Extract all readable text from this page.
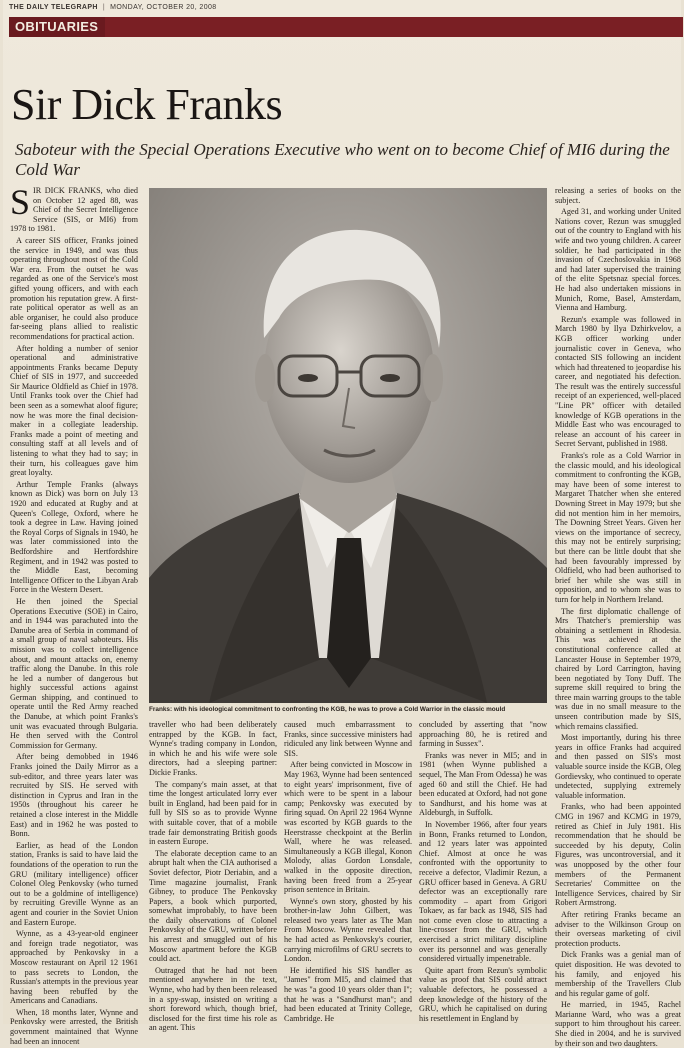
THE DAILY TELEGRAPH | MONDAY, OCTOBER 20, 2008
OBITUARIES
Sir Dick Franks
Saboteur with the Special Operations Executive who went on to become Chief of MI6 during the Cold War

SIR DICK FRANKS, who died on October 12 aged 88, was Chief of the Secret Intelligence Service (SIS, or MI6) from 1978 to 1981.

A career SIS officer, Franks joined the service in 1949, and was thus operating throughout most of the Cold War era. From the outset he was regarded as one of the Service's most gifted young officers, and with each promotion his reputation grew. A first-rate political operator as well as an able organiser, he could also produce far-seeing plans allied to realistic recommendations for practical action.

After holding a number of senior operational and administrative appointments Franks became Deputy Chief of SIS in 1977, and succeeded Sir Maurice Oldfield as Chief in 1978. Until Franks took over the Chief had been seen as a somewhat aloof figure; now he was more the final decision-maker in a collegiate leadership. Franks made a point of meeting and consulting staff at all levels and of listening to what they had to say; in their turn, his colleagues gave him great loyalty.

Arthur Temple Franks (always known as Dick) was born on July 13 1920 and educated at Rugby and at Queen's College, Oxford, where he took a degree in Law. Having joined the Royal Corps of Signals in 1940, he was later commissioned into the Bedfordshire and Hertfordshire Regiment, and in 1942 was posted to the Middle East, becoming Intelligence Officer to the Libyan Arab Force in the Western Desert.

He then joined the Special Operations Executive (SOE) in Cairo, and in 1944 was parachuted into the Danube area of Serbia in command of a small group of naval saboteurs. His mission was to collect intelligence about, and mount attacks on, enemy traffic along the Danube. In this role he led a number of dangerous but highly successful actions against German shipping, and continued to operate until the Red Army reached the Danube, at which point Franks's unit was evacuated through Bulgaria. He then served with the Control Commission for Germany.

After being demobbed in 1946 Franks joined the Daily Mirror as a sub-editor, and three years later was recruited by SIS. He served with distinction in Cyprus and Iran in the 1950s (throughout his career he retained a close interest in the Middle East) and in 1962 he was posted to Bonn.

Earlier, as head of the London station, Franks is said to have laid the foundations of the operation to run the GRU (military intelligence) officer Colonel Oleg Penkovsky (who turned out to be a goldmine of intelligence) by recruiting Greville Wynne as an agent and courier in the Soviet Union and Eastern Europe.

Wynne, as a 43-year-old engineer and foreign trade negotiator, was approached by Penkovsky in a Moscow restaurant on April 12 1961 to pass secrets to London, the Russian's attempts in the previous year having been rebuffed by the Americans and Canadians.

When, 18 months later, Wynne and Penkovsky were arrested, the British government maintained that Wynne had been an innocent

Franks: with his ideological commitment to confronting the KGB, he was to prove a Cold Warrior in the classic mould

traveller who had been deliberately entrapped by the KGB. In fact, Wynne's trading company in London, in which he and his wife were sole directors, had a sleeping partner: Dickie Franks.

The company's main asset, at that time the longest articulated lorry ever built in England, had been paid for in full by SIS so as to provide Wynne with suitable cover, that of a mobile trade fair demonstrating British goods in eastern Europe.

The elaborate deception came to an abrupt halt when the CIA authorised a Soviet defector, Piotr Deriabin, and a Time magazine journalist, Frank Gibney, to produce The Penkovsky Papers, a book which purported, somewhat improbably, to have been the daily observations of Colonel Penkovsky of the GRU, written before his arrest and smuggled out of his Moscow apartment before the KGB could act.

Outraged that he had not been mentioned anywhere in the text, Wynne, who had by then been released in a spy-swap, insisted on writing a short foreword which, though brief, disclosed for the first time his role as an agent. This

caused much embarrassment to Franks, since successive ministers had ridiculed any link between Wynne and SIS.

After being convicted in Moscow in May 1963, Wynne had been sentenced to eight years' imprisonment, five of which were to be spent in a labour camp; Penkovsky was executed by firing squad. On April 22 1964 Wynne was escorted by KGB guards to the Heerstrasse checkpoint at the Berlin Wall, where he was released. Simultaneously a KGB illegal, Konon Molody, alias Gordon Lonsdale, walked in the opposite direction, having been freed from a 25-year prison sentence in Britain.

Wynne's own story, ghosted by his brother-in-law John Gilbert, was released two years later as The Man From Moscow. Wynne revealed that he had acted as Penkovsky's courier, carrying microfilms of GRU secrets to London.

He identified his SIS handler as "James" from MI5, and claimed that he was "a good 10 years older than I"; that he was a "Sandhurst man"; and had been educated at Trinity College, Cambridge. He

concluded by asserting that "now approaching 80, he is retired and farming in Sussex".

Franks was never in MI5; and in 1981 (when Wynne published a sequel, The Man From Odessa) he was aged 60 and still the Chief. He had been educated at Oxford, had not gone to Sandhurst, and his home was at Aldeburgh, in Suffolk.

In November 1966, after four years in Bonn, Franks returned to London, and 12 years later was appointed Chief. Almost at once he was confronted with the opportunity to receive a defector, Vladimir Rezun, a GRU officer based in Geneva. A GRU defector was an exceptionally rare commodity – apart from Grigori Tokaev, as far back as 1948, SIS had not come even close to attracting a line-crosser from the GRU, which exercised a strict military discipline over its personnel and was generally considered virtually impenetrable.

Quite apart from Rezun's symbolic value as proof that SIS could attract valuable defectors, he possessed a deep knowledge of the history of the GRU, which he capitalised on during his resettlement in England by

releasing a series of books on the subject.

Aged 31, and working under United Nations cover, Rezun was smuggled out of the country to England with his wife and two young children. A career soldier, he had participated in the invasion of Czechoslovakia in 1968 and had later supervised the training of the elite Spetsnaz special forces. He had also undertaken missions in Munich, Rome, Basel, Amsterdam, Vienna and Hamburg.

Rezun's example was followed in March 1980 by Ilya Dzhirkvelov, a KGB officer working under journalistic cover in Geneva, who contacted SIS following an incident which had threatened to jeopardise his career, and negotiated his defection. The result was the entirely successful receipt of an experienced, well-placed "Line PR" officer with detailed knowledge of KGB operations in the Middle East who was encouraged to release an account of his career in Secret Servant, published in 1988.

Franks's role as a Cold Warrior in the classic mould, and his ideological commitment to confronting the KGB, may have been of some interest to Margaret Thatcher when she entered Downing Street in May 1979; but she did not mention him in her memoirs, The Downing Street Years. Given her views on the importance of secrecy, this may not be entirely surprising; but there can be little doubt that she had been favourably impressed by Oldfield, who had been authorised to brief her while she was still in opposition, and to whom she was to turn for help in Northern Ireland.

The first diplomatic challenge of Mrs Thatcher's premiership was obtaining a settlement in Rhodesia. This was achieved at the constitutional conference called at Lancaster House in September 1979, chaired by Lord Carrington, having been negotiated by Tony Duff. The supreme skill required to bring the three main warring groups to the table was due in no small measure to the unseen contribution made by SIS, which remains classified.

Most importantly, during his three years in office Franks had acquired and then passed on SIS's most valuable source inside the KGB, Oleg Gordievsky, who continued to operate undetected, supplying extremely valuable information.

Franks, who had been appointed CMG in 1967 and KCMG in 1979, retired as Chief in July 1981. His recommendation that he should be succeeded by his deputy, Colin Figures, was uncontroversial, and it was unopposed by the other four members of the Permanent Secretaries' Committee on the Intelligence Services, chaired by Sir Robert Armstrong.

After retiring Franks became an adviser to the Wilkinson Group on their overseas marketing of civil protection products.

Dick Franks was a genial man of quiet disposition. He was devoted to his family, and enjoyed his membership of the Travellers Club and his regular game of golf.

He married, in 1945, Rachel Marianne Ward, who was a great support to him throughout his career. She died in 2004, and he is survived by their son and two daughters.
